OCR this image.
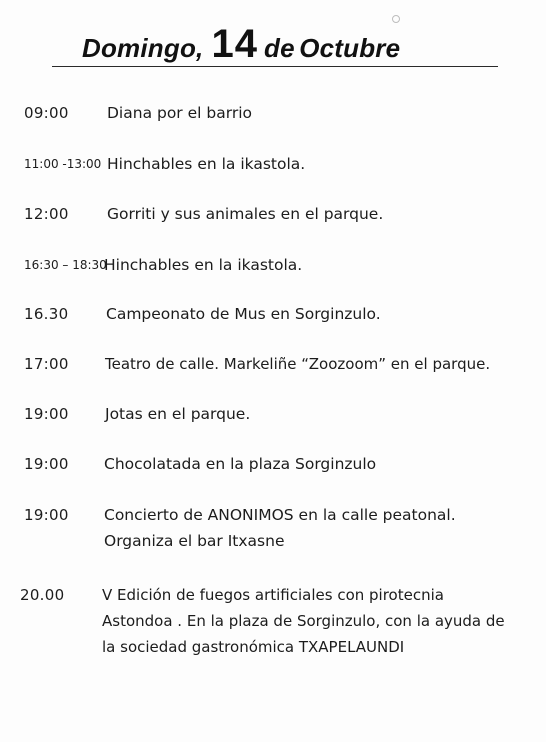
Domingo, 14 de Octubre
09:00 Diana por el barrio
11:00 -13:00 Hinchables en la ikastola.
12:00 Gorriti y sus animales en el parque.
16:30 – 18:30
Hinchables en la ikastola.
16.30 Campeonato de Mus en Sorginzulo.
17:00 Teatro de calle. Markeliñe “Zoozoom” en el parque.
19:00 Jotas en el parque.
19:00 Chocolatada en la plaza Sorginzulo
19:00 Concierto de ANONIMOS en la calle peatonal.
Organiza el bar Itxasne
20.00	V Edición de fuegos artificiales con pirotecnia
Astondoa . En la plaza de Sorginzulo, con la ayuda de
la sociedad gastronómica TXAPELAUNDI
